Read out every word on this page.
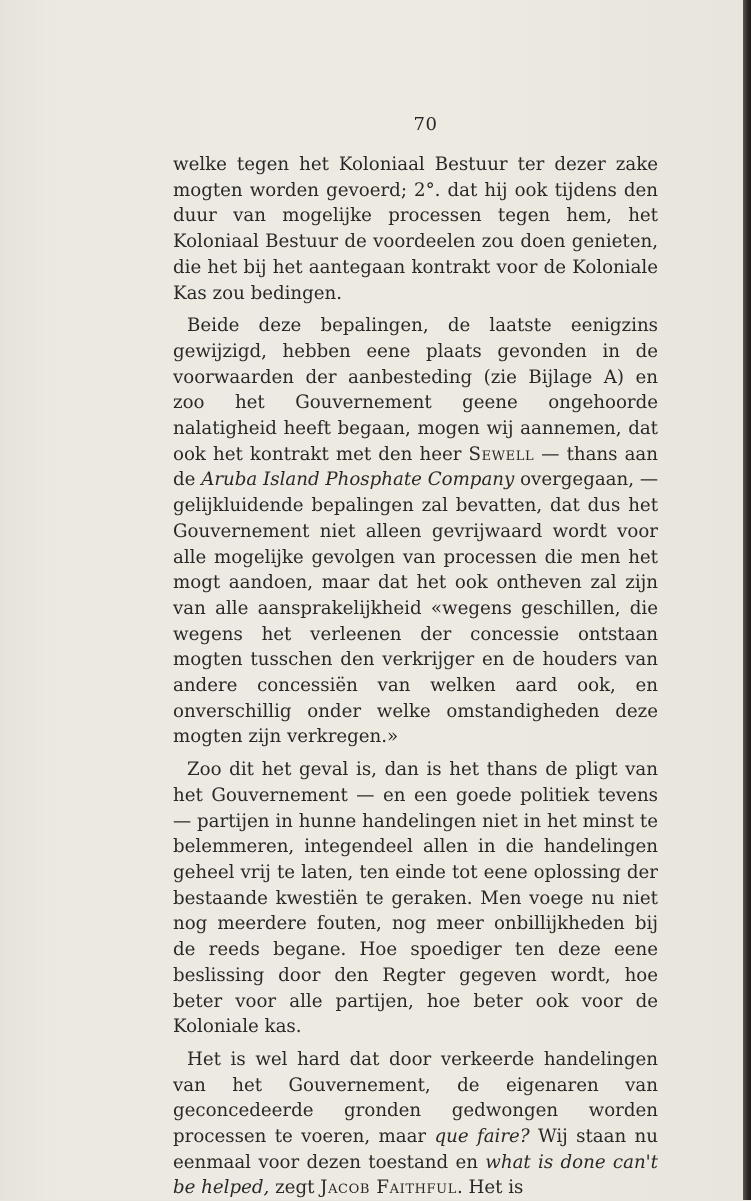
70

welke tegen het Koloniaal Bestuur ter dezer zake mogten worden gevoerd; 2°. dat hij ook tijdens den duur van mogelijke processen tegen hem, het Koloniaal Bestuur de voordeelen zou doen genieten, die het bij het aantegaan kontrakt voor de Koloniale Kas zou bedingen.

Beide deze bepalingen, de laatste eenigzins gewijzigd, hebben eene plaats gevonden in de voorwaarden der aanbesteding (zie Bijlage A) en zoo het Gouvernement geene ongehoorde nalatigheid heeft begaan, mogen wij aannemen, dat ook het kontrakt met den heer Sewell — thans aan de Aruba Island Phosphate Company overgegaan, — gelijkluidende bepalingen zal bevatten, dat dus het Gouvernement niet alleen gevrijwaard wordt voor alle mogelijke gevolgen van processen die men het mogt aandoen, maar dat het ook ontheven zal zijn van alle aansprakelijkheid «wegens geschillen, die wegens het verleenen der concessie ontstaan mogten tusschen den verkrijger en de houders van andere concessiën van welken aard ook, en onverschillig onder welke omstandigheden deze mogten zijn verkregen.»

Zoo dit het geval is, dan is het thans de pligt van het Gouvernement — en een goede politiek tevens — partijen in hunne handelingen niet in het minst te belemmeren, integendeel allen in die handelingen geheel vrij te laten, ten einde tot eene oplossing der bestaande kwestiën te geraken. Men voege nu niet nog meerdere fouten, nog meer onbillijkheden bij de reeds begane. Hoe spoediger ten deze eene beslissing door den Regter gegeven wordt, hoe beter voor alle partijen, hoe beter ook voor de Koloniale kas.

Het is wel hard dat door verkeerde handelingen van het Gouvernement, de eigenaren van geconcedeerde gronden gedwongen worden processen te voeren, maar que faire? Wij staan nu eenmaal voor dezen toestand en what is done can't be helped, zegt Jacob Faithful. Het is
